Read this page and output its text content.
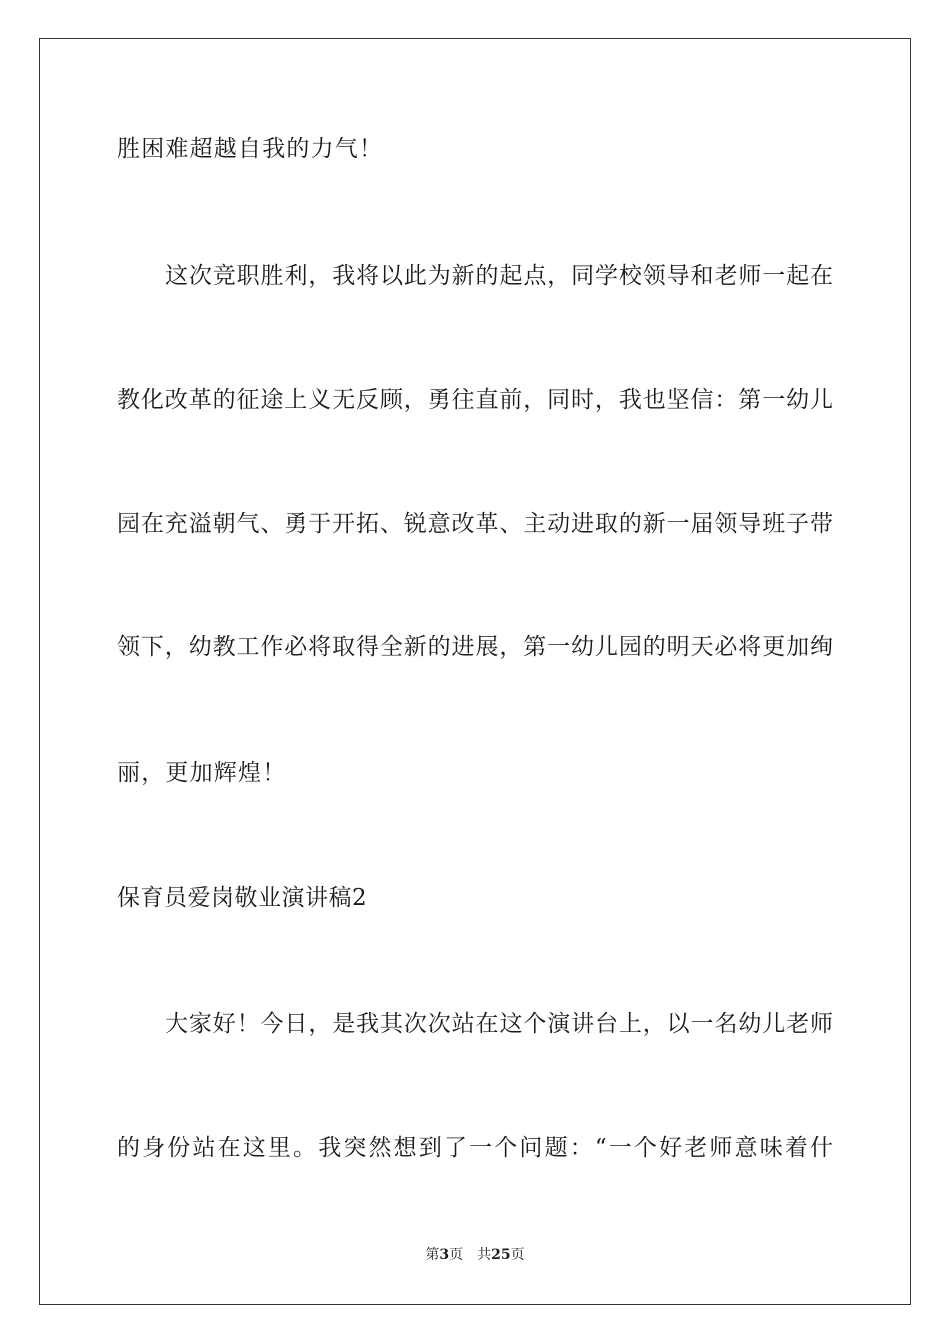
胜困难超越自我的力气！
这次竞职胜利，我将以此为新的起点，同学校领导和老师一起在
教化改革的征途上义无反顾，勇往直前，同时，我也坚信：第一幼儿
园在充溢朝气、勇于开拓、锐意改革、主动进取的新一届领导班子带
领下，幼教工作必将取得全新的进展，第一幼儿园的明天必将更加绚
丽，更加辉煌！
保育员爱岗敬业演讲稿2
大家好！今日，是我其次次站在这个演讲台上，以一名幼儿老师
的身份站在这里。我突然想到了一个问题：“一个好老师意味着什
第3页 共25页
